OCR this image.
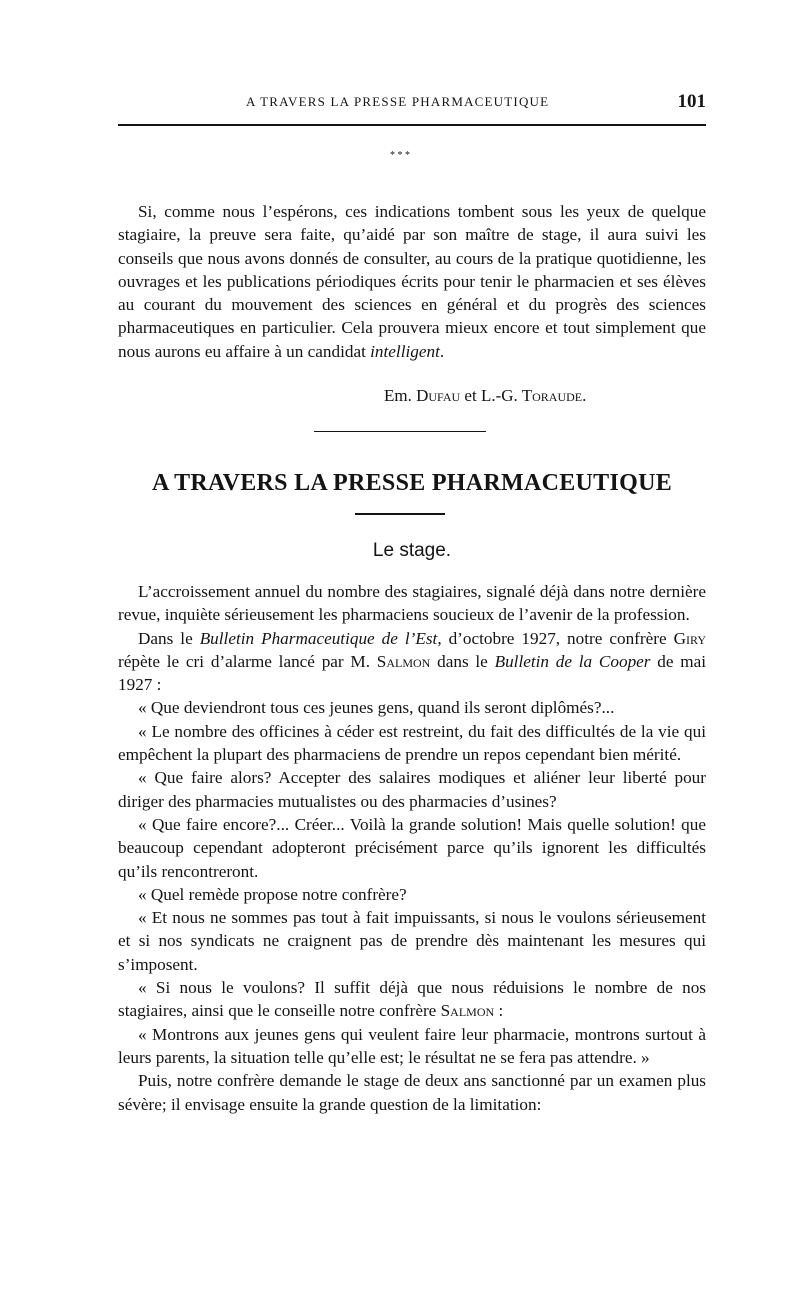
A TRAVERS LA PRESSE PHARMACEUTIQUE	101
* * *

Si, comme nous l’espérons, ces indications tombent sous les yeux de quelque stagiaire, la preuve sera faite, qu’aidé par son maître de stage, il aura suivi les conseils que nous avons donnés de consulter, au cours de la pratique quotidienne, les ouvrages et les publications périodiques écrits pour tenir le pharmacien et ses élèves au courant du mouvement des sciences en général et du progrès des sciences pharmaceutiques en particulier. Cela prouvera mieux encore et tout simplement que nous aurons eu affaire à un candidat intelligent.

Em. Dufau et L.-G. Toraude.
A TRAVERS LA PRESSE PHARMACEUTIQUE
Le stage.

L’accroissement annuel du nombre des stagiaires, signalé déjà dans notre dernière revue, inquiète sérieusement les pharmaciens soucieux de l’avenir de la profession.

Dans le Bulletin Pharmaceutique de l’Est, d’octobre 1927, notre confrère Giry répète le cri d’alarme lancé par M. Salmon dans le Bulletin de la Cooper de mai 1927 :

« Que deviendront tous ces jeunes gens, quand ils seront diplômés?...

« Le nombre des officines à céder est restreint, du fait des difficultés de la vie qui empêchent la plupart des pharmaciens de prendre un repos cependant bien mérité.

« Que faire alors? Accepter des salaires modiques et aliéner leur liberté pour diriger des pharmacies mutualistes ou des pharmacies d’usines?

« Que faire encore?... Créer... Voilà la grande solution! Mais quelle solution! que beaucoup cependant adopteront précisément parce qu’ils ignorent les difficultés qu’ils rencontreront.

« Quel remède propose notre confrère?

« Et nous ne sommes pas tout à fait impuissants, si nous le voulons sérieusement et si nos syndicats ne craignent pas de prendre dès maintenant les mesures qui s’imposent.

« Si nous le voulons? Il suffit déjà que nous réduisions le nombre de nos stagiaires, ainsi que le conseille notre confrère Salmon :

« Montrons aux jeunes gens qui veulent faire leur pharmacie, montrons surtout à leurs parents, la situation telle qu’elle est; le résultat ne se fera pas attendre. »

Puis, notre confrère demande le stage de deux ans sanctionné par un examen plus sévère; il envisage ensuite la grande question de la limitation:
